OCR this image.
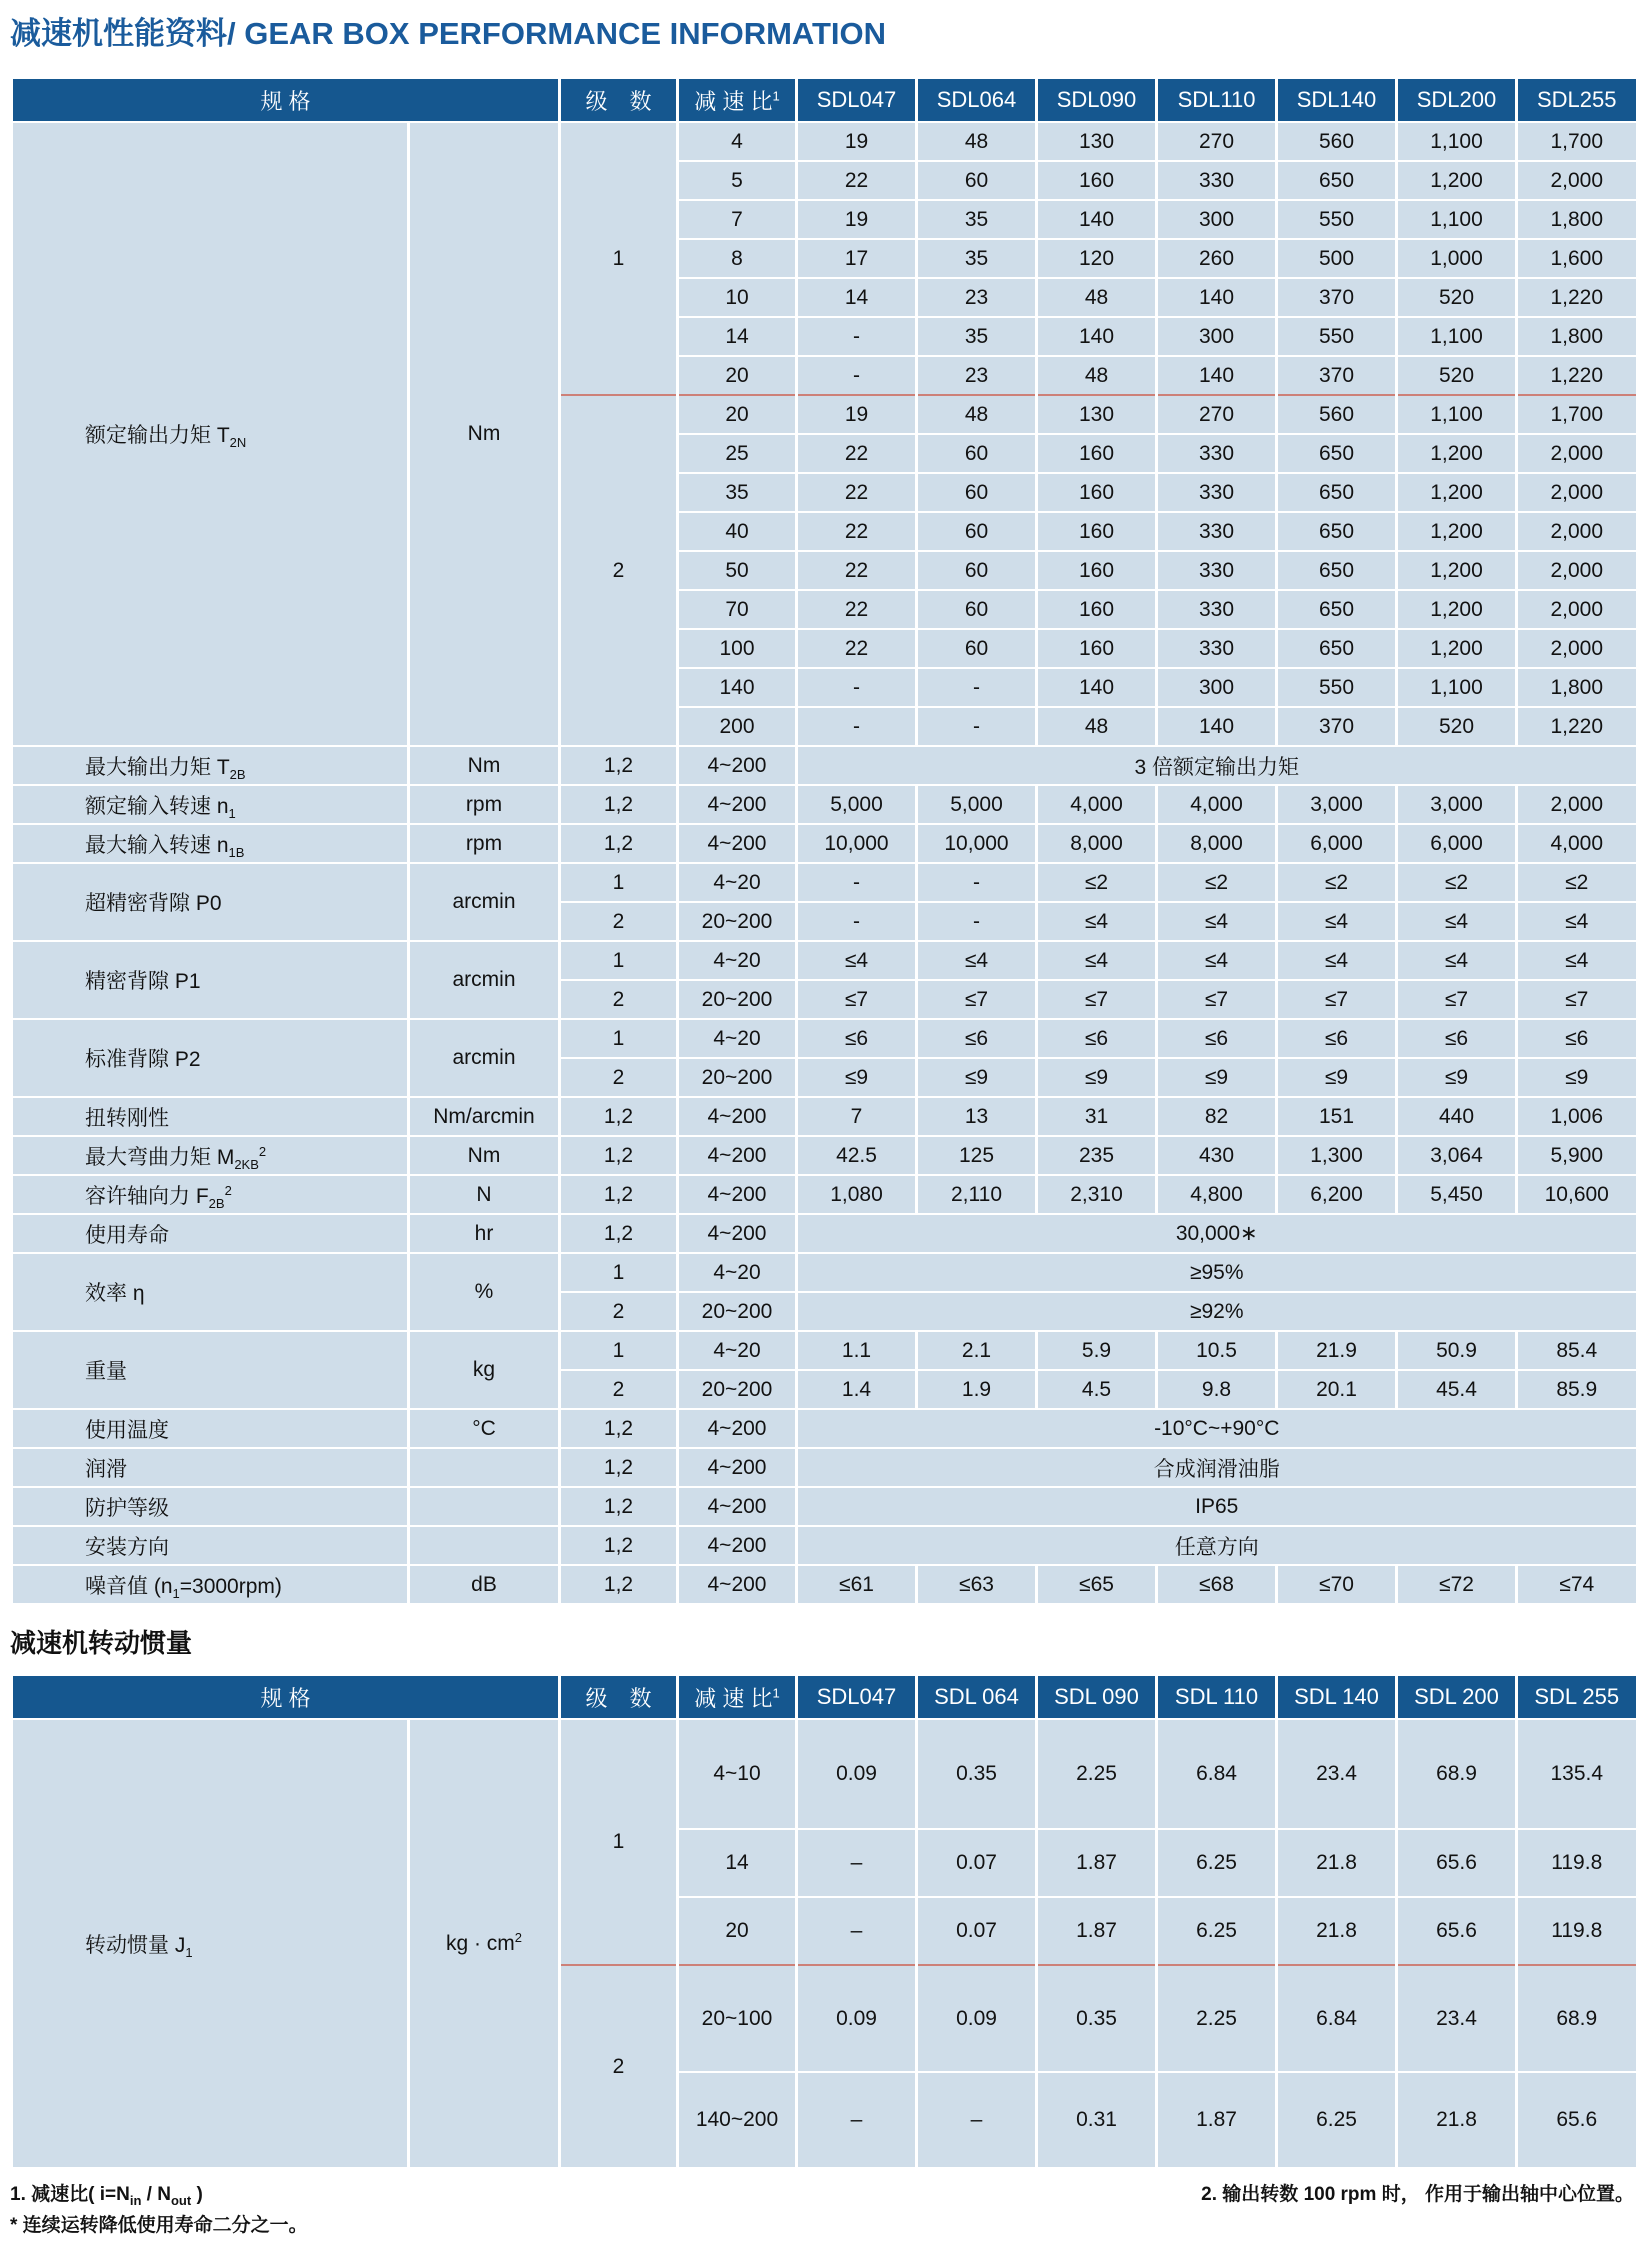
减速机性能资料/ GEAR BOX PERFORMANCE INFORMATION
规 格		级　数	减 速 比$^1$	SDL047	SDL064	SDL090	SDL110	SDL140	SDL200	SDL255
额定输出力矩 $T_{2N}$	Nm	1	4	19	48	130	270	560	1,100	1,700
			5	22	60	160	330	650	1,200	2,000
			7	19	35	140	300	550	1,100	1,800
			8	17	35	120	260	500	1,000	1,600
			10	14	23	48	140	370	520	1,220
			14	-	35	140	300	550	1,100	1,800
			20	-	23	48	140	370	520	1,220
		2	20	19	48	130	270	560	1,100	1,700
			25	22	60	160	330	650	1,200	2,000
			35	22	60	160	330	650	1,200	2,000
			40	22	60	160	330	650	1,200	2,000
			50	22	60	160	330	650	1,200	2,000
			70	22	60	160	330	650	1,200	2,000
			100	22	60	160	330	650	1,200	2,000
			140	-	-	140	300	550	1,100	1,800
			200	-	-	48	140	370	520	1,220
最大输出力矩 $T_{2B}$	Nm	1,2	4~200	3 倍额定输出力矩						
额定输入转速 $n_1$	rpm	1,2	4~200	5,000	5,000	4,000	4,000	3,000	3,000	2,000
最大输入转速 $n_{1B}$	rpm	1,2	4~200	10,000	10,000	8,000	8,000	6,000	6,000	4,000
超精密背隙 P0	arcmin	1	4~20	-	-	≤2	≤2	≤2	≤2	≤2
		2	20~200	-	-	≤4	≤4	≤4	≤4	≤4
精密背隙 P1	arcmin	1	4~20	≤4	≤4	≤4	≤4	≤4	≤4	≤4
		2	20~200	≤7	≤7	≤7	≤7	≤7	≤7	≤7
标准背隙 P2	arcmin	1	4~20	≤6	≤6	≤6	≤6	≤6	≤6	≤6
		2	20~200	≤9	≤9	≤9	≤9	≤9	≤9	≤9
扭转刚性	Nm/arcmin	1,2	4~200	7	13	31	82	151	440	1,006
最大弯曲力矩 $M_{2KB}^2$	Nm	1,2	4~200	42.5	125	235	430	1,300	3,064	5,900
容许轴向力 $F_{2B}^2$	N	1,2	4~200	1,080	2,110	2,310	4,800	6,200	5,450	10,600
使用寿命	hr	1,2	4~200	30,000∗						
效率 η	%	1	4~20	≥95%						
		2	20~200	≥92%						
重量	kg	1	4~20	1.1	2.1	5.9	10.5	21.9	50.9	85.4
		2	20~200	1.4	1.9	4.5	9.8	20.1	45.4	85.9
使用温度	°C	1,2	4~200	-10°C~+90°C						
润滑		1,2	4~200	合成润滑油脂						
防护等级		1,2	4~200	IP65						
安装方向		1,2	4~200	任意方向						
噪音值 $(n_1=3000rpm)$	dB	1,2	4~200	≤61	≤63	≤65	≤68	≤70	≤72	≤74
减速机转动惯量
规 格		级　数	减 速 比$^1$	SDL047	SDL 064	SDL 090	SDL 110	SDL 140	SDL 200	SDL 255
转动惯量 $J_1$	kg · $cm^2$	1	4~10	0.09	0.35	2.25	6.84	23.4	68.9	135.4
			14	–	0.07	1.87	6.25	21.8	65.6	119.8
			20	–	0.07	1.87	6.25	21.8	65.6	119.8
		2	20~100	0.09	0.09	0.35	2.25	6.84	23.4	68.9
			140~200	–	–	0.31	1.87	6.25	21.8	65.6
1. 减速比( $i=N_{in} / N_{out}$ )
* 连续运转降低使用寿命二分之一。
2. 输出转数 100 rpm 时， 作用于输出轴中心位置。
